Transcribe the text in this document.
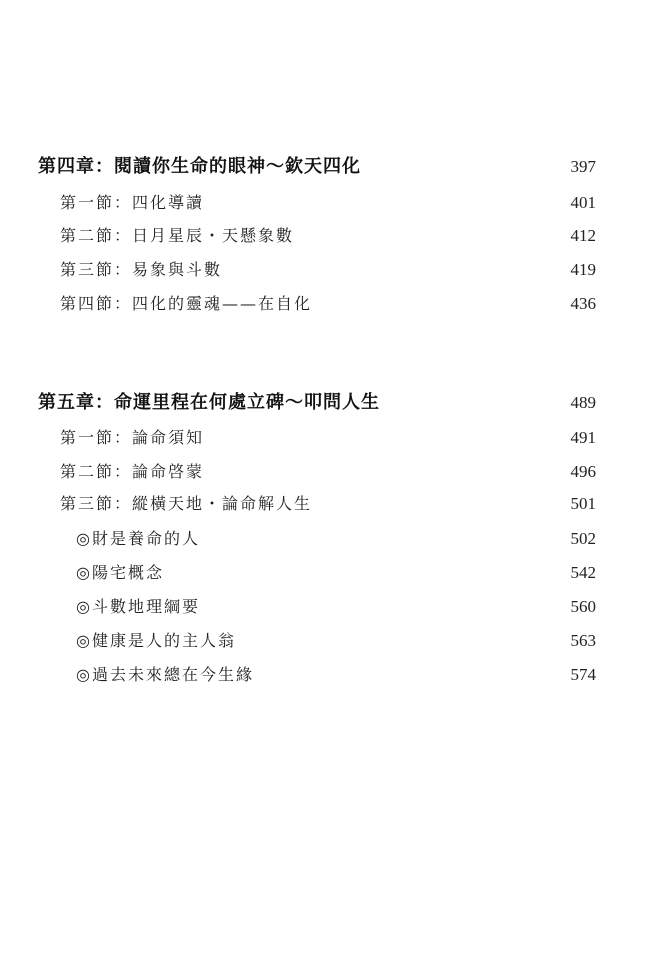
第四章：閱讀你生命的眼神～欽天四化	397
第一節：四化導讀	401
第二節：日月星辰・天懸象數	412
第三節：易象與斗數	419
第四節：四化的靈魂——在自化	436
第五章：命運里程在何處立碑～叩問人生	489
第一節：論命須知	491
第二節：論命啓蒙	496
第三節：縱橫天地・論命解人生	501
◎財是養命的人	502
◎陽宅概念	542
◎斗數地理綱要	560
◎健康是人的主人翁	563
◎過去未來總在今生緣	574
